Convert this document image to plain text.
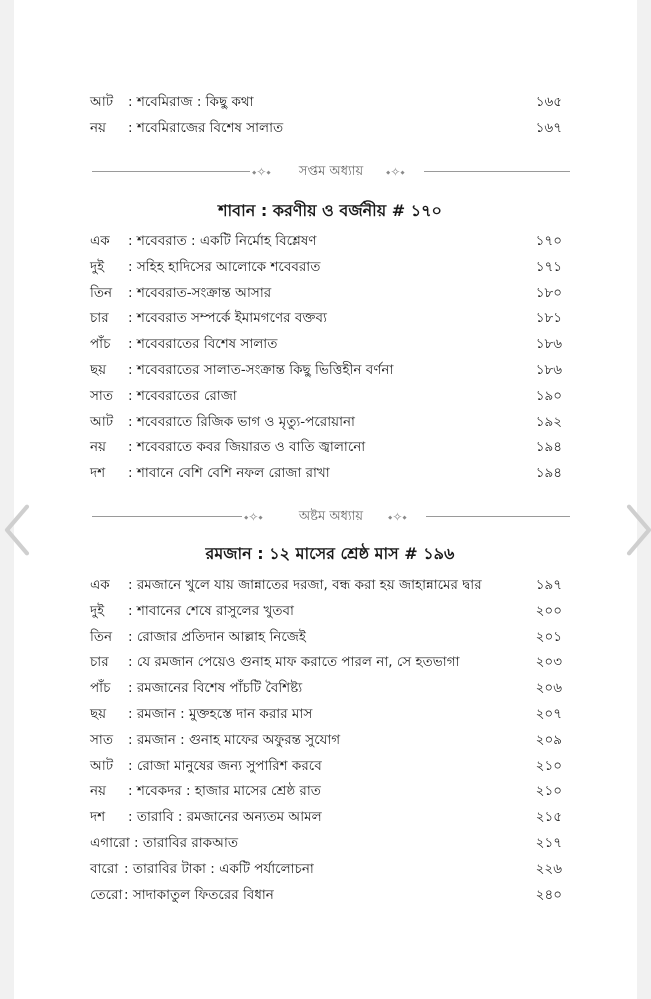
আট	: শবেমিরাজ : কিছু কথা	১৬৫
নয়	: শবেমিরাজের বিশেষ সালাত	১৬৭
⬩✧⬩	সপ্তম অধ্যায়	⬩✧⬩
শাবান : করণীয় ও বর্জনীয় # ১৭০
এক	: শবেবরাত : একটি নির্মোহ বিশ্লেষণ	১৭০
দুই	: সহিহ হাদিসের আলোকে শবেবরাত	১৭১
তিন	: শবেবরাত-সংক্রান্ত আসার	১৮০
চার	: শবেবরাত সম্পর্কে ইমামগণের বক্তব্য	১৮১
পাঁচ	: শবেবরাতের বিশেষ সালাত	১৮৬
ছয়	: শবেবরাতের সালাত-সংক্রান্ত কিছু ভিত্তিহীন বর্ণনা	১৮৬
সাত	: শবেবরাতের রোজা	১৯০
আট	: শবেবরাতে রিজিক ভাগ ও মৃত্যু-পরোয়ানা	১৯২
নয়	: শবেবরাতে কবর জিয়ারত ও বাতি জ্বালানো	১৯৪
দশ	: শাবানে বেশি বেশি নফল রোজা রাখা	১৯৪
⬩✧⬩	অষ্টম অধ্যায়	⬩✧⬩
রমজান : ১২ মাসের শ্রেষ্ঠ মাস # ১৯৬
এক	: রমজানে খুলে যায় জান্নাতের দরজা, বন্ধ করা হয় জাহান্নামের দ্বার	১৯৭
দুই	: শাবানের শেষে রাসুলের খুতবা	২০০
তিন	: রোজার প্রতিদান আল্লাহ নিজেই	২০১
চার	: যে রমজান পেয়েও গুনাহ মাফ করাতে পারল না, সে হতভাগা	২০৩
পাঁচ	: রমজানের বিশেষ পাঁচটি বৈশিষ্ট্য	২০৬
ছয়	: রমজান : মুক্তহস্তে দান করার মাস	২০৭
সাত	: রমজান : গুনাহ মাফের অফুরন্ত সুযোগ	২০৯
আট	: রোজা মানুষের জন্য সুপারিশ করবে	২১০
নয়	: শবেকদর : হাজার মাসের শ্রেষ্ঠ রাত	২১০
দশ	: তারাবি : রমজানের অন্যতম আমল	২১৫
এগারো : তারাবির রাকআত	২১৭
বারো : তারাবির টাকা : একটি পর্যালোচনা	২২৬
তেরো : সাদাকাতুল ফিতরের বিধান	২৪০
